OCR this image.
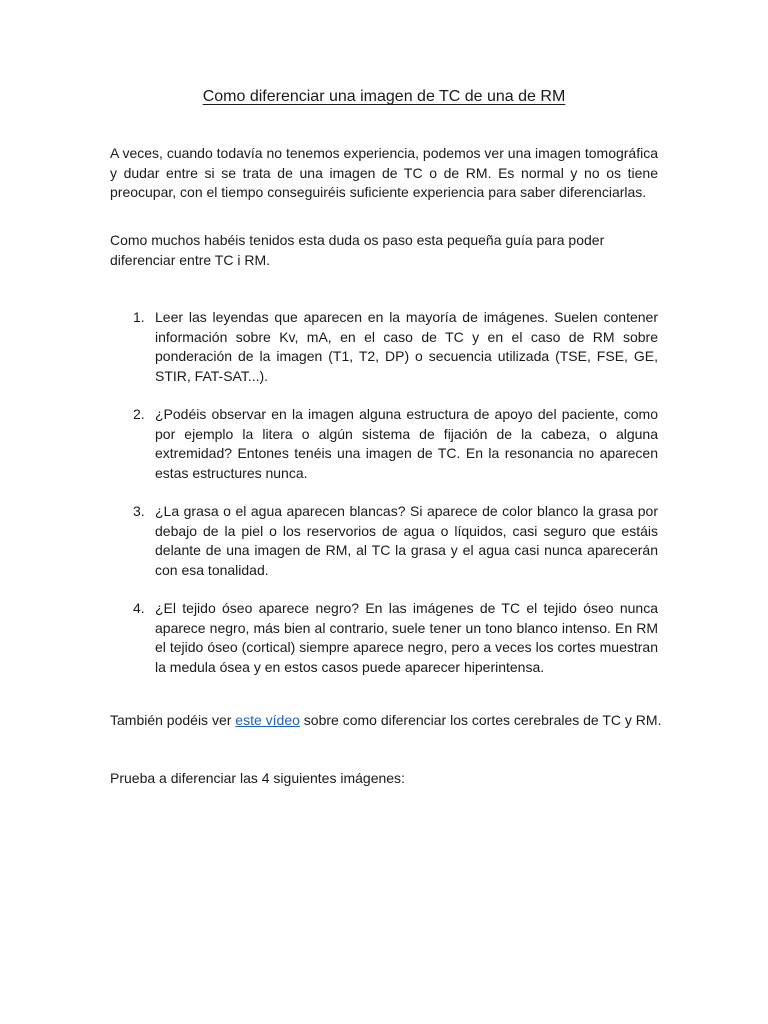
Como diferenciar una imagen de TC de una de RM

A veces, cuando todavía no tenemos experiencia, podemos ver una imagen tomográfica y dudar entre si se trata de una imagen de TC o de RM. Es normal y no os tiene preocupar, con el tiempo conseguiréis suficiente experiencia para saber diferenciarlas.

Como muchos habéis tenidos esta duda os paso esta pequeña guía para poder diferenciar entre TC i RM.

1. Leer las leyendas que aparecen en la mayoría de imágenes. Suelen contener información sobre Kv, mA, en el caso de TC y en el caso de RM sobre ponderación de la imagen (T1, T2, DP) o secuencia utilizada (TSE, FSE, GE, STIR, FAT-SAT...).
2. ¿Podéis observar en la imagen alguna estructura de apoyo del paciente, como por ejemplo la litera o algún sistema de fijación de la cabeza, o alguna extremidad? Entones tenéis una imagen de TC. En la resonancia no aparecen estas estructures nunca.
3. ¿La grasa o el agua aparecen blancas? Si aparece de color blanco la grasa por debajo de la piel o los reservorios de agua o líquidos, casi seguro que estáis delante de una imagen de RM, al TC la grasa y el agua casi nunca aparecerán con esa tonalidad.
4. ¿El tejido óseo aparece negro? En las imágenes de TC el tejido óseo nunca aparece negro, más bien al contrario, suele tener un tono blanco intenso. En RM el tejido óseo (cortical) siempre aparece negro, pero a veces los cortes muestran la medula ósea y en estos casos puede aparecer hiperintensa.

También podéis ver este vídeo sobre como diferenciar los cortes cerebrales de TC y RM.

Prueba a diferenciar las 4 siguientes imágenes:
